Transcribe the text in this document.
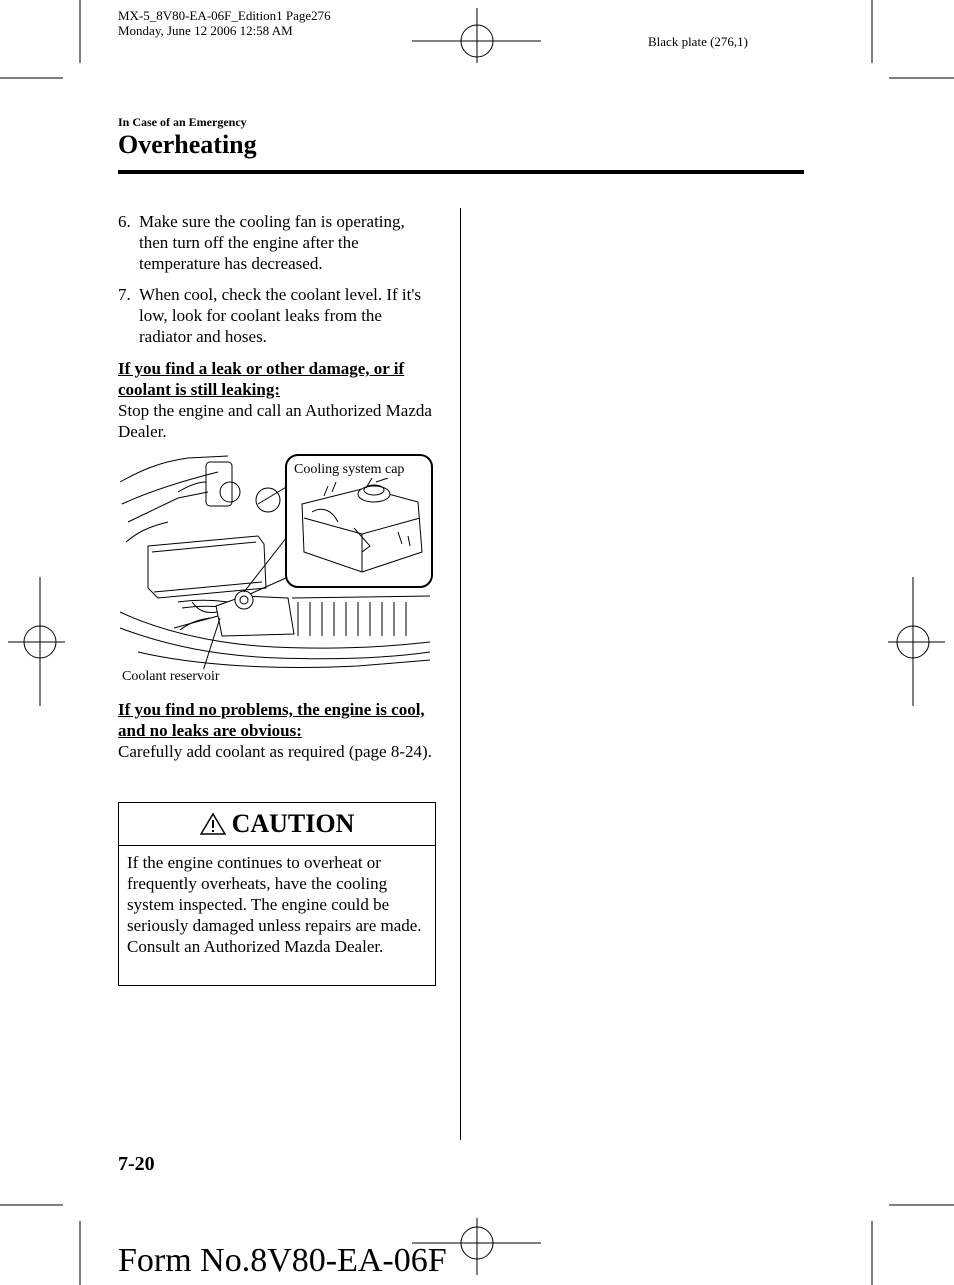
MX-5_8V80-EA-06F_Edition1 Page276
Monday, June 12 2006 12:58 AM
Black plate (276,1)
In Case of an Emergency
Overheating
6. Make sure the cooling fan is operating, then turn off the engine after the temperature has decreased.
7. When cool, check the coolant level. If it's low, look for coolant leaks from the radiator and hoses.
If you find a leak or other damage, or if coolant is still leaking:
Stop the engine and call an Authorized Mazda Dealer.
Cooling system cap
Coolant reservoir
If you find no problems, the engine is cool, and no leaks are obvious:
Carefully add coolant as required (page 8-24).
CAUTION
If the engine continues to overheat or frequently overheats, have the cooling system inspected. The engine could be seriously damaged unless repairs are made. Consult an Authorized Mazda Dealer.
7-20
Form No.8V80-EA-06F
